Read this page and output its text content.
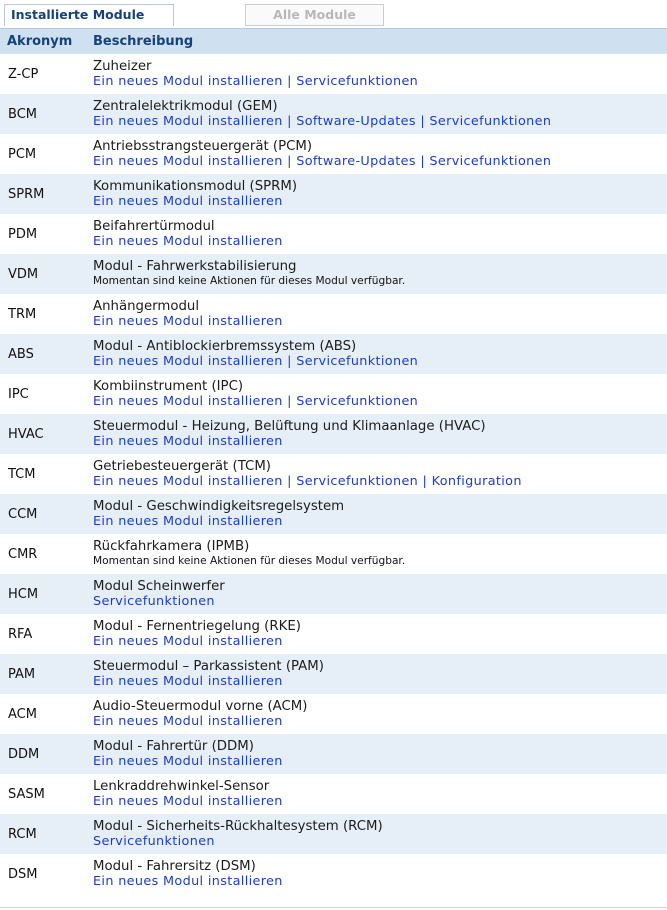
Installierte Module	Alle Module
Akronym	Beschreibung
Z-CP	Zuheizer
Ein neues Modul installieren | Servicefunktionen

BCM	Zentralelektrikmodul (GEM)
Ein neues Modul installieren | Software-Updates | Servicefunktionen

PCM	Antriebsstrangsteuergerät (PCM)
Ein neues Modul installieren | Software-Updates | Servicefunktionen

SPRM	Kommunikationsmodul (SPRM)
Ein neues Modul installieren

PDM	Beifahrertürmodul
Ein neues Modul installieren

VDM	Modul - Fahrwerkstabilisierung
Momentan sind keine Aktionen für dieses Modul verfügbar.

TRM	Anhängermodul
Ein neues Modul installieren

ABS	Modul - Antiblockierbremssystem (ABS)
Ein neues Modul installieren | Servicefunktionen

IPC	Kombiinstrument (IPC)
Ein neues Modul installieren | Servicefunktionen

HVAC	Steuermodul - Heizung, Belüftung und Klimaanlage (HVAC)
Ein neues Modul installieren

TCM	Getriebesteuergerät (TCM)
Ein neues Modul installieren | Servicefunktionen | Konfiguration

CCM	Modul - Geschwindigkeitsregelsystem
Ein neues Modul installieren

CMR	Rückfahrkamera (IPMB)
Momentan sind keine Aktionen für dieses Modul verfügbar.

HCM	Modul Scheinwerfer
Servicefunktionen

RFA	Modul - Fernentriegelung (RKE)
Ein neues Modul installieren

PAM	Steuermodul – Parkassistent (PAM)
Ein neues Modul installieren

ACM	Audio-Steuermodul vorne (ACM)
Ein neues Modul installieren

DDM	Modul - Fahrertür (DDM)
Ein neues Modul installieren

SASM	Lenkraddrehwinkel-Sensor
Ein neues Modul installieren

RCM	Modul - Sicherheits-Rückhaltesystem (RCM)
Servicefunktionen

DSM	Modul - Fahrersitz (DSM)
Ein neues Modul installieren
